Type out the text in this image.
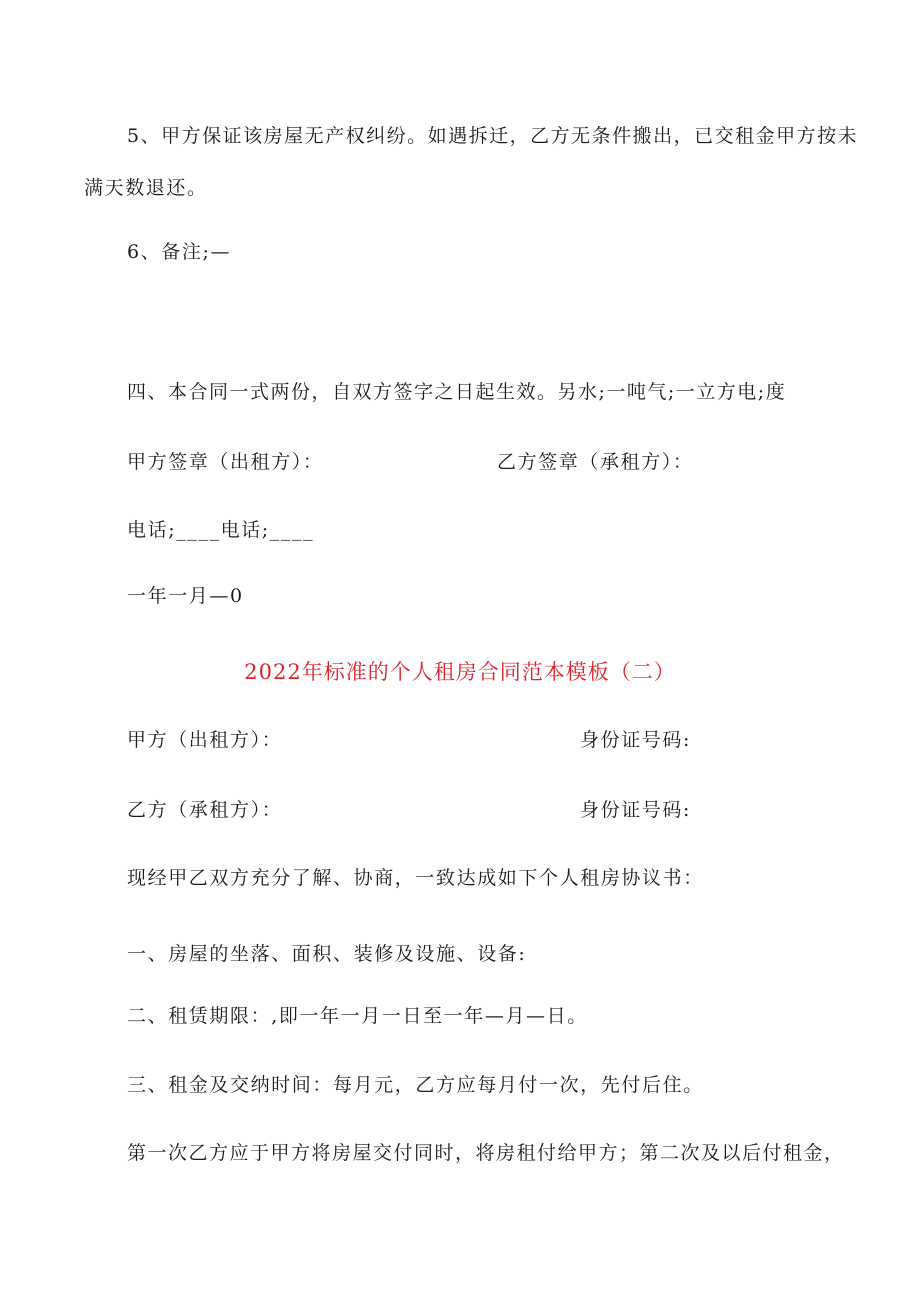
5、甲方保证该房屋无产权纠纷。如遇拆迁，乙方无条件搬出，已交租金甲方按未
满天数退还。
6、备注;—
四、本合同一式两份，自双方签字之日起生效。另水;一吨气;一立方电;度
甲方签章（出租方）：	乙方签章（承租方）：
电话;____电话;____
一年一月—0
2022年标准的个人租房合同范本模板（二）
甲方（出租方）：	身份证号码:
乙方（承租方）：	身份证号码:
现经甲乙双方充分了解、协商，一致达成如下个人租房协议书：
一、房屋的坐落、面积、装修及设施、设备:
二、租赁期限：,即一年一月一日至一年—月—日。
三、租金及交纳时间：每月元，乙方应每月付一次，先付后住。
第一次乙方应于甲方将房屋交付同时，将房租付给甲方；第二次及以后付租金，
